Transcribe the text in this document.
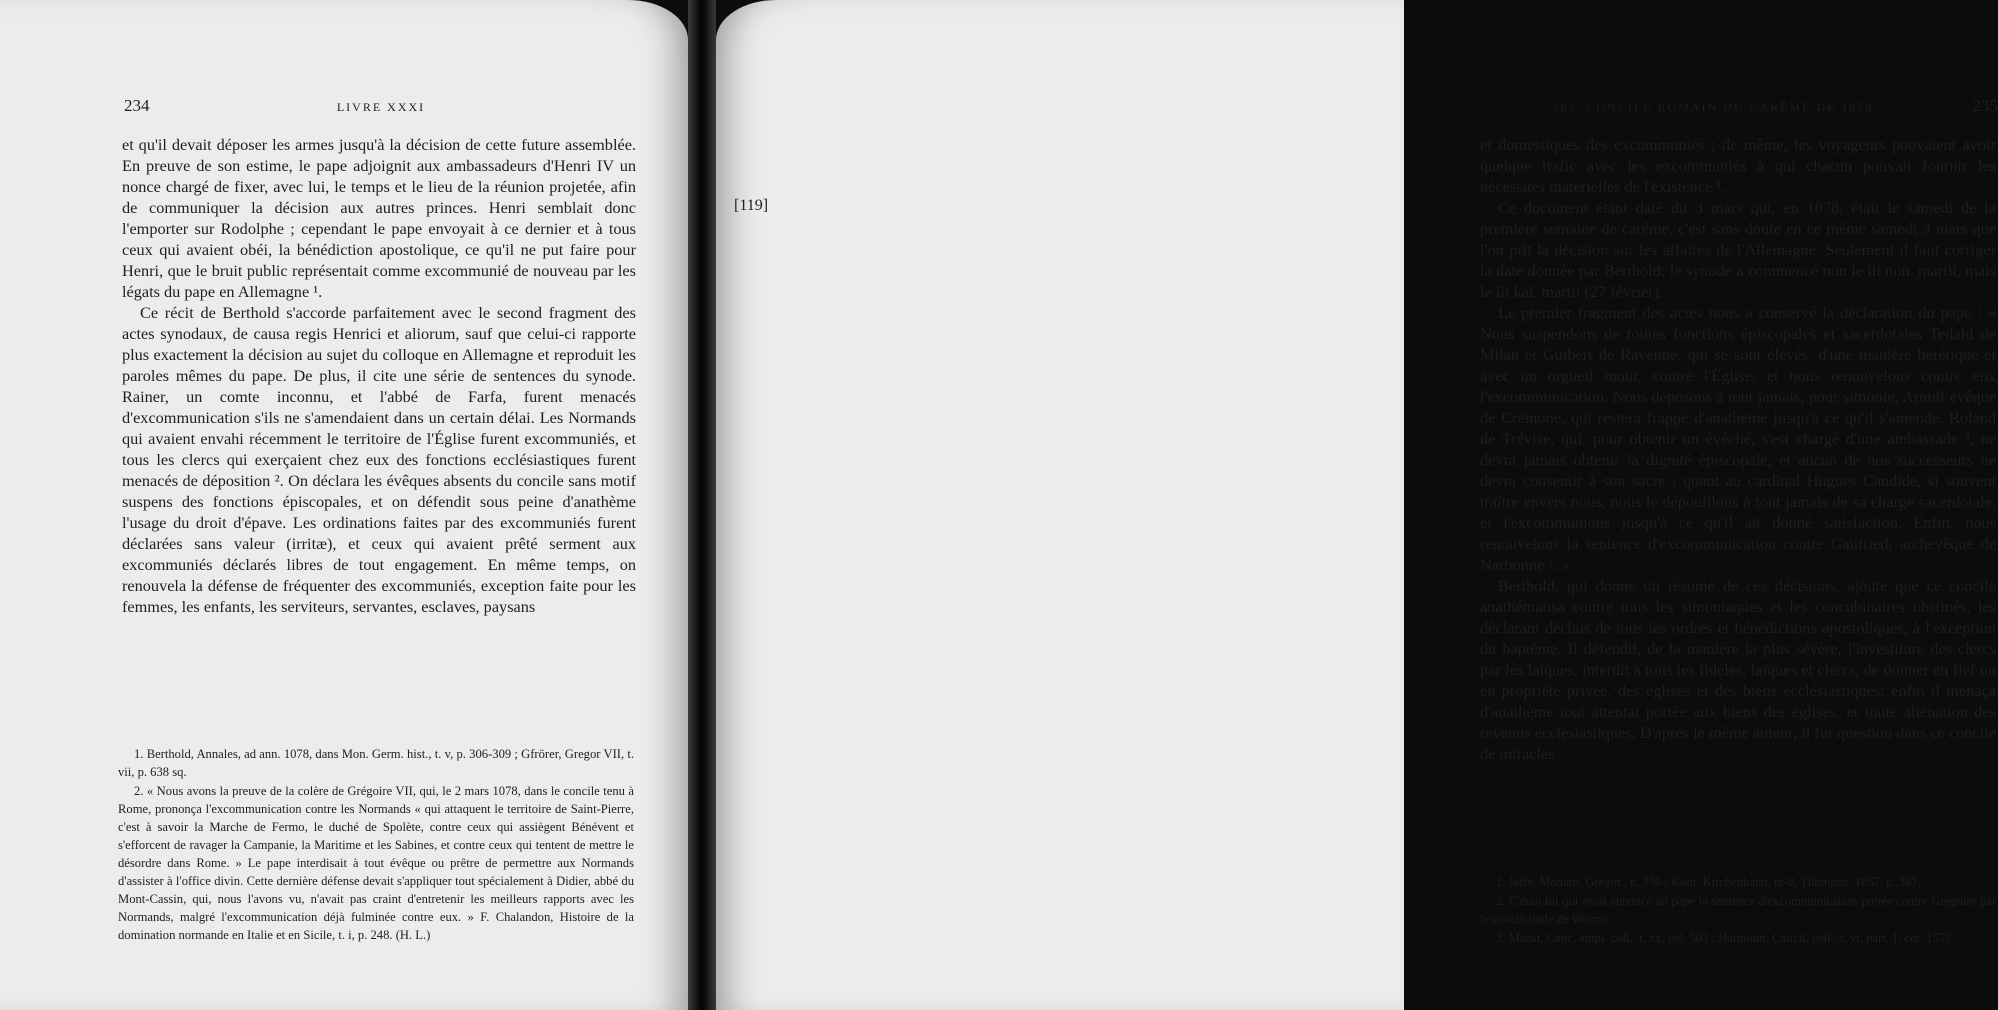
234	LIVRE XXXI

et qu'il devait déposer les armes jusqu'à la décision de cette future assemblée. En preuve de son estime, le pape adjoignit aux ambassadeurs d'Henri IV un nonce chargé de fixer, avec lui, le temps et le lieu de la réunion projetée, afin de communiquer la décision aux autres princes. Henri semblait donc l'emporter sur Rodolphe ; cependant le pape envoyait à ce dernier et à tous ceux qui avaient obéi, la bénédiction apostolique, ce qu'il ne put faire pour Henri, que le bruit public représentait comme excommunié de nouveau par les légats du pape en Allemagne ¹.

Ce récit de Berthold s'accorde parfaitement avec le second fragment des actes synodaux, de causa regis Henrici et aliorum, sauf que celui-ci rapporte plus exactement la décision au sujet du colloque en Allemagne et reproduit les paroles mêmes du pape. De plus, il cite une série de sentences du synode. Rainer, un comte inconnu, et l'abbé de Farfa, furent menacés d'excommunication s'ils ne s'amendaient dans un certain délai. Les Normands qui avaient envahi récemment le territoire de l'Église furent excommuniés, et tous les clercs qui exerçaient chez eux des fonctions ecclésiastiques furent menacés de déposition ². On déclara les évêques absents du concile sans motif suspens des fonctions épiscopales, et on défendit sous peine d'anathème l'usage du droit d'épave. Les ordinations faites par des excommuniés furent déclarées sans valeur (irritæ), et ceux qui avaient prêté serment aux excommuniés déclarés libres de tout engagement. En même temps, on renouvela la défense de fréquenter des excommuniés, exception faite pour les femmes, les enfants, les serviteurs, servantes, esclaves, paysans

1. Berthold, Annales, ad ann. 1078, dans Mon. Germ. hist., t. v, p. 306-309 ; Gfrörer, Gregor VII, t. vii, p. 638 sq.

2. « Nous avons la preuve de la colère de Grégoire VII, qui, le 2 mars 1078, dans le concile tenu à Rome, prononça l'excommunication contre les Normands « qui attaquent le territoire de Saint-Pierre, c'est à savoir la Marche de Fermo, le duché de Spolète, contre ceux qui assiègent Bénévent et s'efforcent de ravager la Campanie, la Maritime et les Sabines, et contre ceux qui tentent de mettre le désordre dans Rome. » Le pape interdisait à tout évêque ou prêtre de permettre aux Normands d'assister à l'office divin. Cette dernière défense devait s'appliquer tout spécialement à Didier, abbé du Mont-Cassin, qui, nous l'avons vu, n'avait pas craint d'entretenir les meilleurs rapports avec les Normands, malgré l'excommunication déjà fulminée contre eux. » F. Chalandon, Histoire de la domination normande en Italie et en Sicile, t. i, p. 248. (H. L.)

585. CONCILE ROMAIN DU CARÊME DE 1078	235

et domestiques des excommuniés ; de même, les voyageurs pouvaient avoir quelque trafic avec les excommuniés à qui chacun pouvait fournir les nécessités matérielles de l'existence ¹.

Ce document étant daté du 3 mars qui, en 1078, était le samedi de la première semaine de carême, c'est sans doute en ce même samedi 3 mars que l'on prit la décision sur les affaires de l'Allemagne. Seulement il faut corriger la date donnée par Berthold; le synode a commencé non le iii non. martii, mais le iii kal. martii (27 février).

Le premier fragment des actes nous a conservé la déclaration du pape : « Nous suspendons de toutes fonctions épiscopales et sacerdotales Tedald de Milan et Guibert de Ravenne, qui se sont élevés, d'une manière hérétique et avec un orgueil inouï, contre l'Église, et nous renouvelons contre eux l'excommunication. Nous déposons à tout jamais, pour simonie, Arnulf évêque de Crémone, qui restera frappé d'anathème jusqu'à ce qu'il s'amende. Roland de Trévise, qui, pour obtenir un évêché, s'est chargé d'une ambassade ², ne devra jamais obtenir la dignité épiscopale, et aucun de nos successeurs ne devra consentir à son sacre ; quant au cardinal Hugues Candide, si souvent traître envers nous, nous le dépouillons à tout jamais de sa charge sacerdotale, et l'excommunions jusqu'à ce qu'il ait donné satisfaction. Enfin, nous renouvelons la sentence d'excommunication contre Gaufried, archevêque de Narbonne ³. »

Berthold, qui donne un résumé de ces décisions, ajoute que ce concile anathématisa contre tous les simoniaques et les concubinaires obstinés, les déclarant déchus de tous les ordres et bénédictions apostoliques, à l'exception du baptême. Il défendit, de la manière la plus sévère, l'investiture des clercs par les laïques, interdit à tous les fidèles, laïques et clercs, de donner en fief ou en propriété privée, des églises et des biens ecclésiastiques; enfin il menaça d'anathème tout attentat portée aux biens des églises, et toute aliénation des revenus ecclésiastiques. D'après le même auteur, il fut question dans ce concile de miracles

1. Jaffé, Monum. Gregor., p. 356 ; Koln, Kirchenbann, in-8, Tübingen, 1857, p. 387.

2. C'était lui qui avait annoncé au pape la sentence d'excommunication portée contre Grégoire par le conciliabule de Worms.

3. Mansi, Conc. ampl. coll., t. xx, col. 503 ; Hardouin, Concil. coll., t. vi, part. 1, col. 1575.

[119]
